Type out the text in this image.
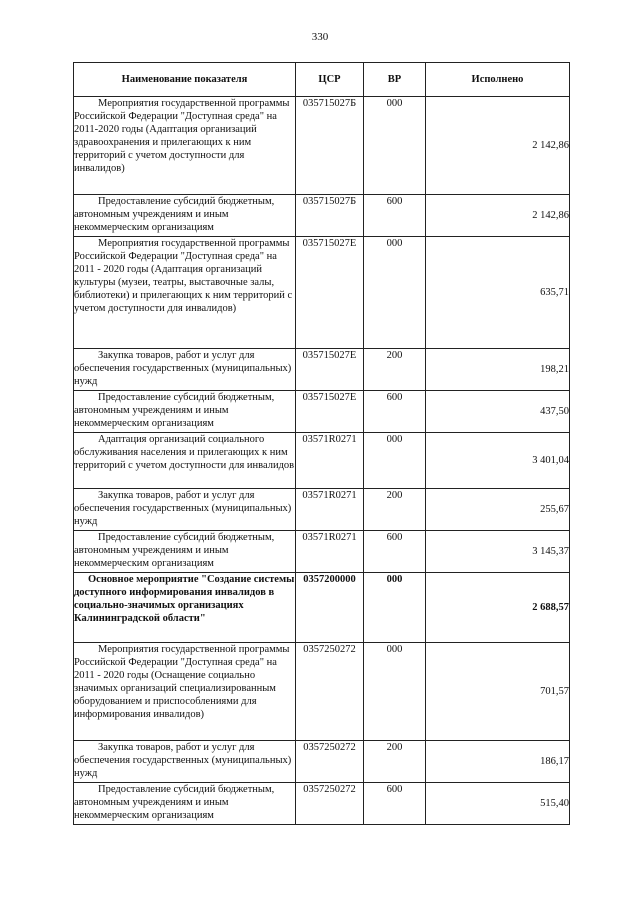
330
Наименование показателя	ЦСР	ВР	Исполнено

Мероприятия государственной программы Российской Федерации "Доступная среда" на 2011-2020 годы (Адаптация организаций здравоохранения и прилегающих к ним территорий с учетом доступности для инвалидов)	035715027Б	000	2 142,86

Предоставление субсидий бюджетным, автономным учреждениям и иным некоммерческим организациям	035715027Б	600	2 142,86

Мероприятия государственной программы Российской Федерации "Доступная среда" на 2011 - 2020 годы (Адаптация организаций культуры (музеи, театры, выставочные залы, библиотеки) и прилегающих к ним территорий с учетом доступности для инвалидов)	035715027Е	000	635,71

Закупка товаров, работ и услуг для обеспечения государственных (муниципальных) нужд	035715027Е	200	198,21

Предоставление субсидий бюджетным, автономным учреждениям и иным некоммерческим организациям	035715027Е	600	437,50

Адаптация организаций социального обслуживания населения и прилегающих к ним территорий с учетом доступности для инвалидов	03571R0271	000	3 401,04

Закупка товаров, работ и услуг для обеспечения государственных (муниципальных) нужд	03571R0271	200	255,67

Предоставление субсидий бюджетным, автономным учреждениям и иным некоммерческим организациям	03571R0271	600	3 145,37

Основное мероприятие "Создание системы доступного информирования инвалидов в социально-значимых организациях Калининградской области"	0357200000	000	2 688,57

Мероприятия государственной программы Российской Федерации "Доступная среда" на 2011 - 2020 годы (Оснащение социально значимых организаций специализированным оборудованием и приспособлениями для информирования инвалидов)	0357250272	000	701,57

Закупка товаров, работ и услуг для обеспечения государственных (муниципальных) нужд	0357250272	200	186,17

Предоставление субсидий бюджетным, автономным учреждениям и иным некоммерческим организациям	0357250272	600	515,40
